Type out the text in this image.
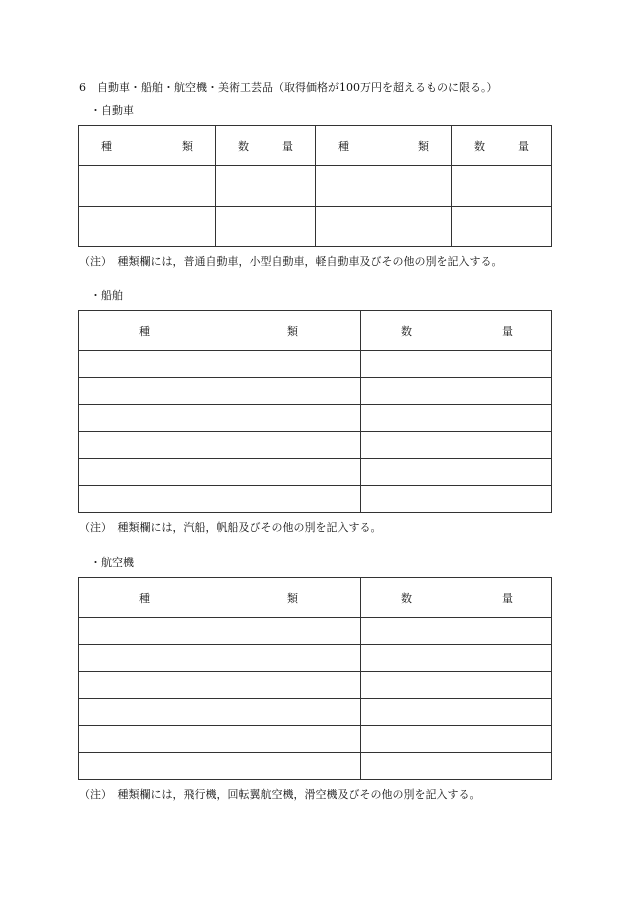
6　自動車・船舶・航空機・美術工芸品（取得価格が100万円を超えるものに限る。）
・自動車
種 類	数 量	種 類	数 量

（注）　種類欄には，普通自動車，小型自動車，軽自動車及びその他の別を記入する。
・船舶
種 類	数 量

（注）　種類欄には，汽船，帆船及びその他の別を記入する。
・航空機
種 類	数 量

（注）　種類欄には，飛行機，回転翼航空機，滑空機及びその他の別を記入する。
